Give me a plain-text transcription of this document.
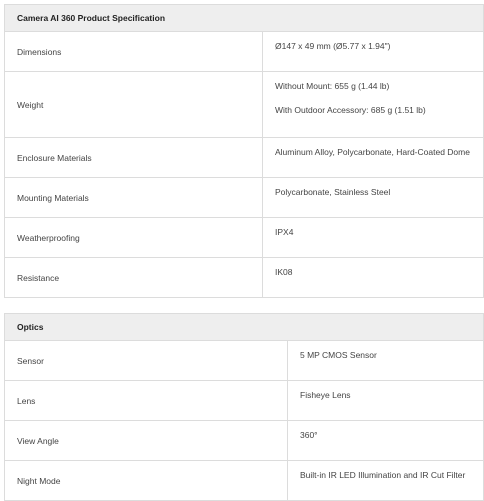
Camera AI 360 Product Specification
Dimensions

Ø147 x 49 mm (Ø5.77 x 1.94")

Weight

Without Mount: 655 g (1.44 lb)

With Outdoor Accessory: 685 g (1.51 lb)

Enclosure Materials

Aluminum Alloy, Polycarbonate, Hard-Coated Dome

Mounting Materials

Polycarbonate, Stainless Steel

Weatherproofing

IPX4

Resistance

IK08

Optics
Sensor

5 MP CMOS Sensor

Lens

Fisheye Lens

View Angle

360°

Night Mode

Built-in IR LED Illumination and IR Cut Filter
